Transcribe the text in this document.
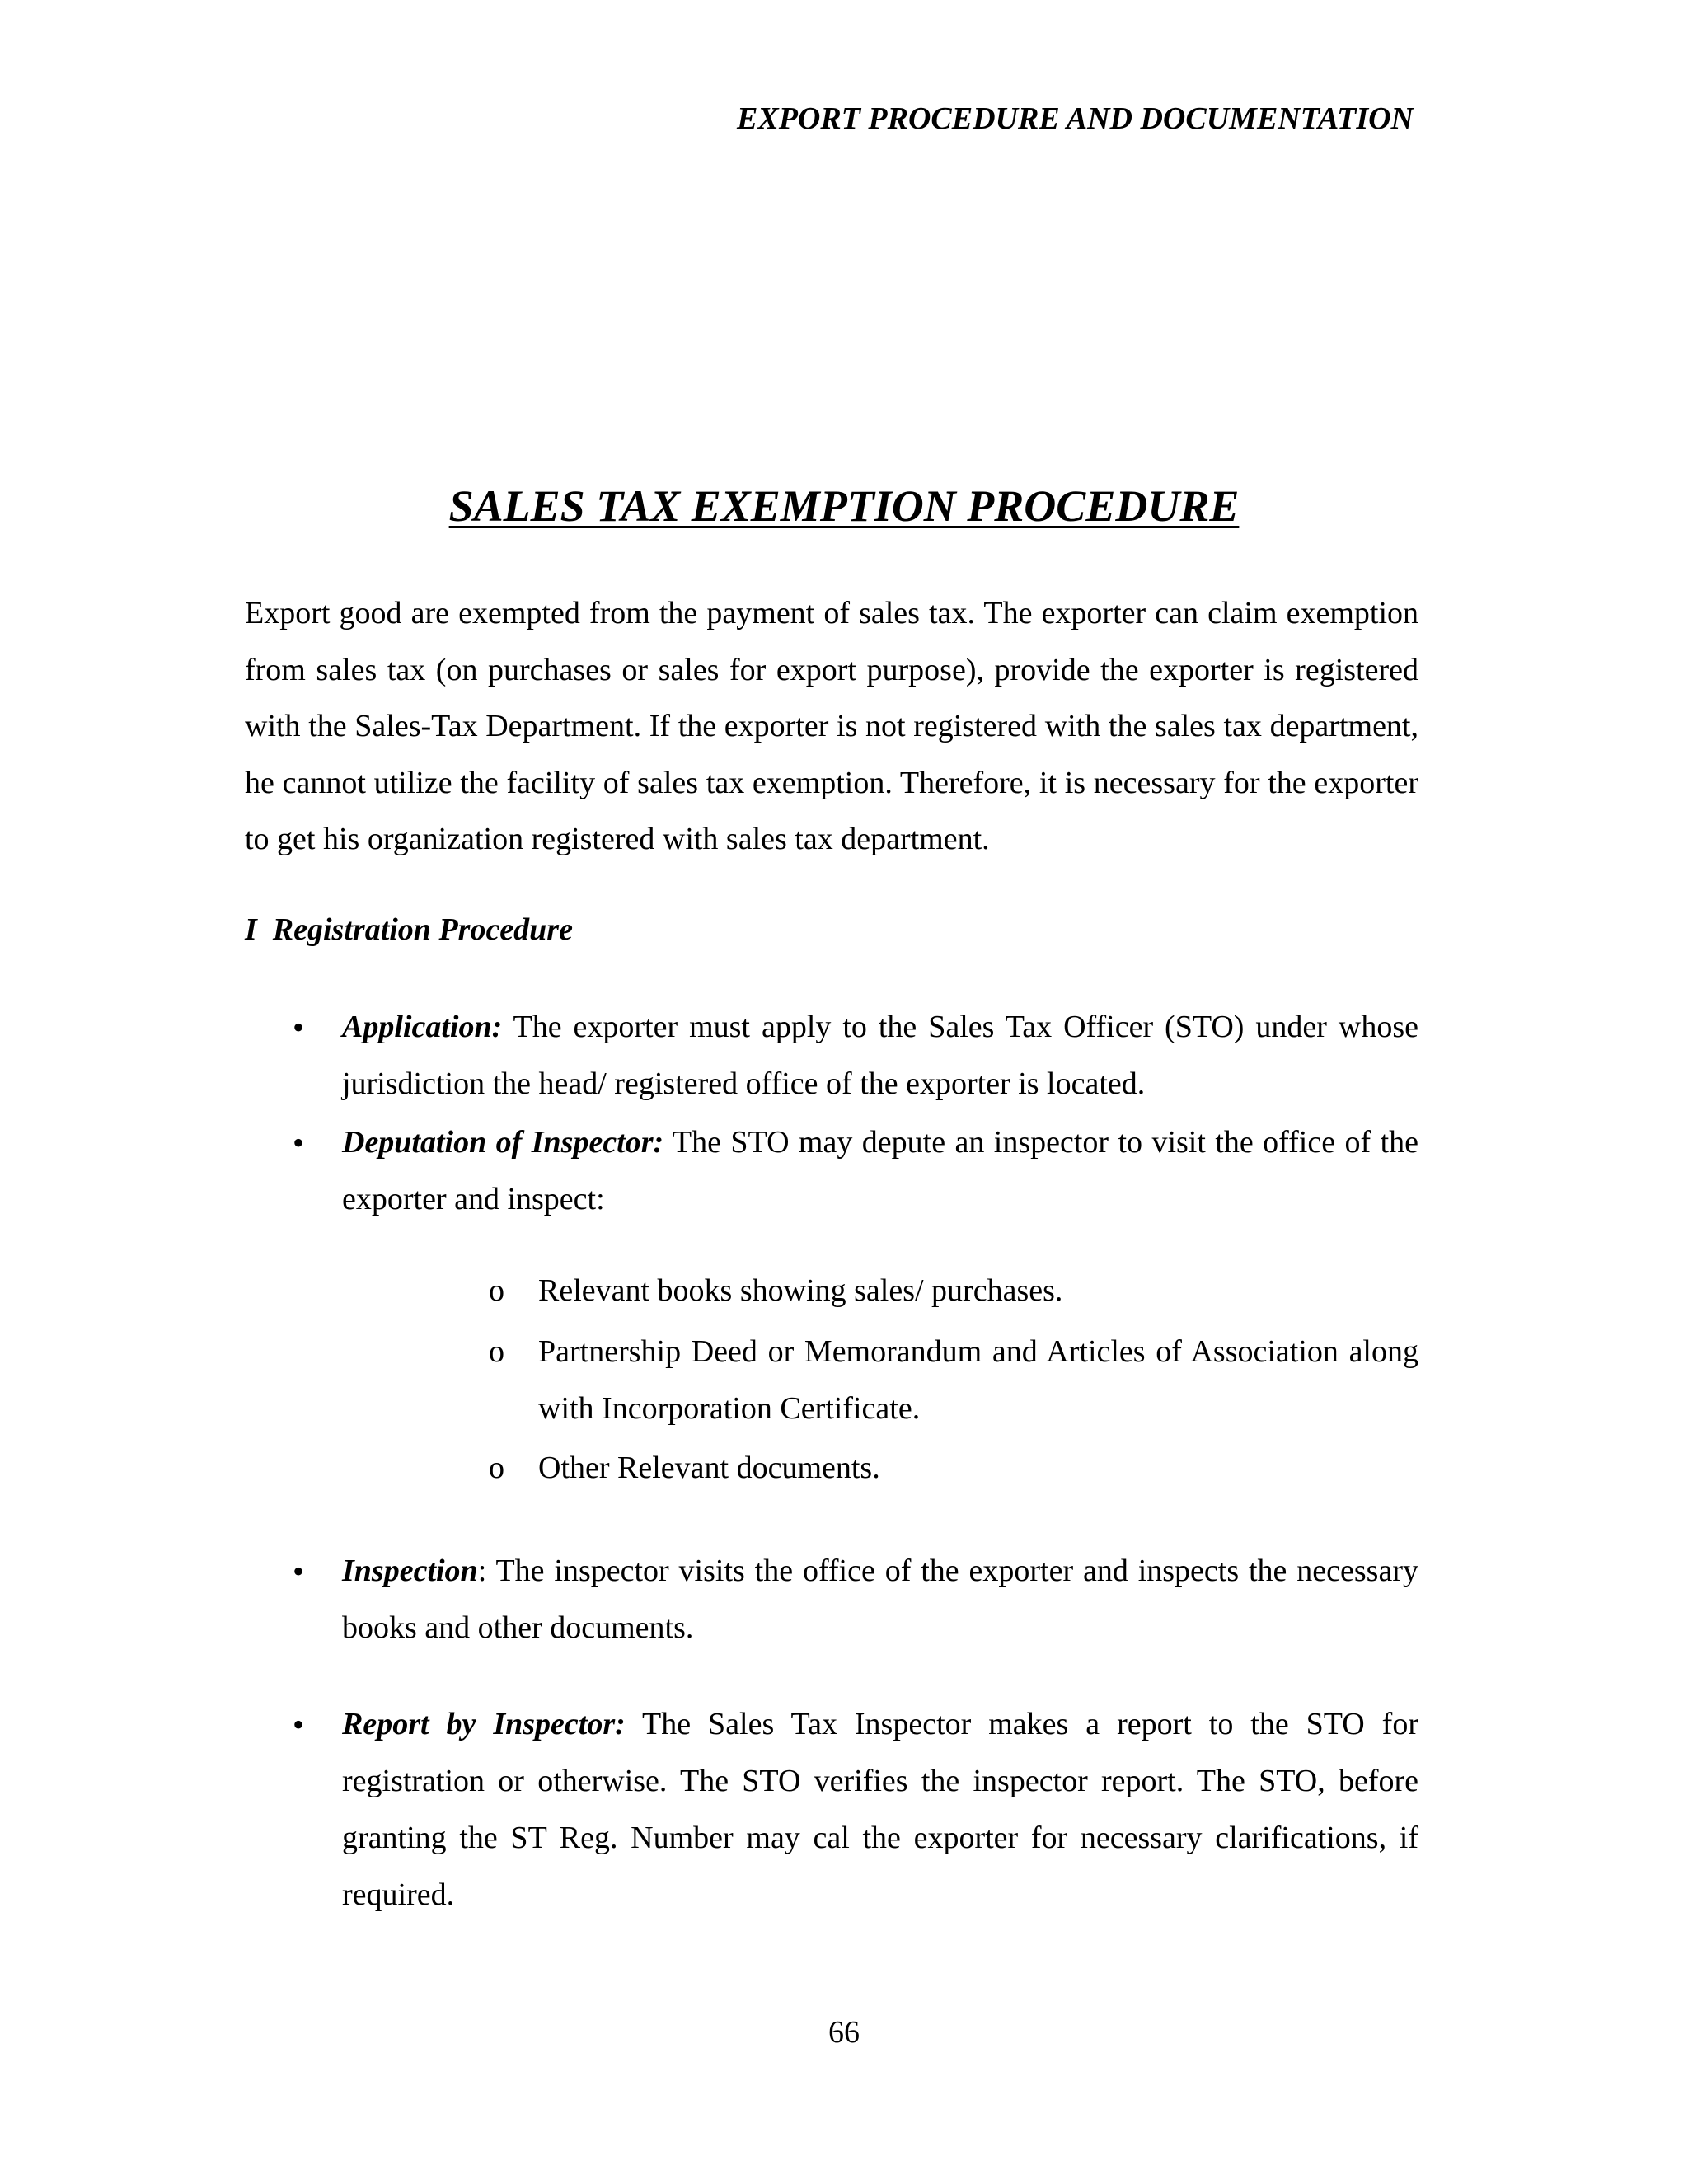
EXPORT PROCEDURE AND DOCUMENTATION
SALES TAX EXEMPTION PROCEDURE

Export good are exempted from the payment of sales tax. The exporter can claim exemption from sales tax (on purchases or sales for export purpose), provide the exporter is registered with the Sales-Tax Department. If the exporter is not registered with the sales tax department, he cannot utilize the facility of sales tax exemption. Therefore, it is necessary for the exporter to get his organization registered with sales tax department.

I  Registration Procedure
•	Application: The exporter must apply to the Sales Tax Officer (STO) under whose jurisdiction the head/ registered office of the exporter is located.
•	Deputation of Inspector: The STO may depute an inspector to visit the office of the exporter and inspect:
o	Relevant books showing sales/ purchases.
o	Partnership Deed or Memorandum and Articles of Association along with Incorporation Certificate.
o	Other Relevant documents.
•	Inspection: The inspector visits the office of the exporter and inspects the necessary books and other documents.
•	Report by Inspector: The Sales Tax Inspector makes a report to the STO for registration or otherwise. The STO verifies the inspector report. The STO, before granting the ST Reg. Number may cal the exporter for necessary clarifications, if required.
66
